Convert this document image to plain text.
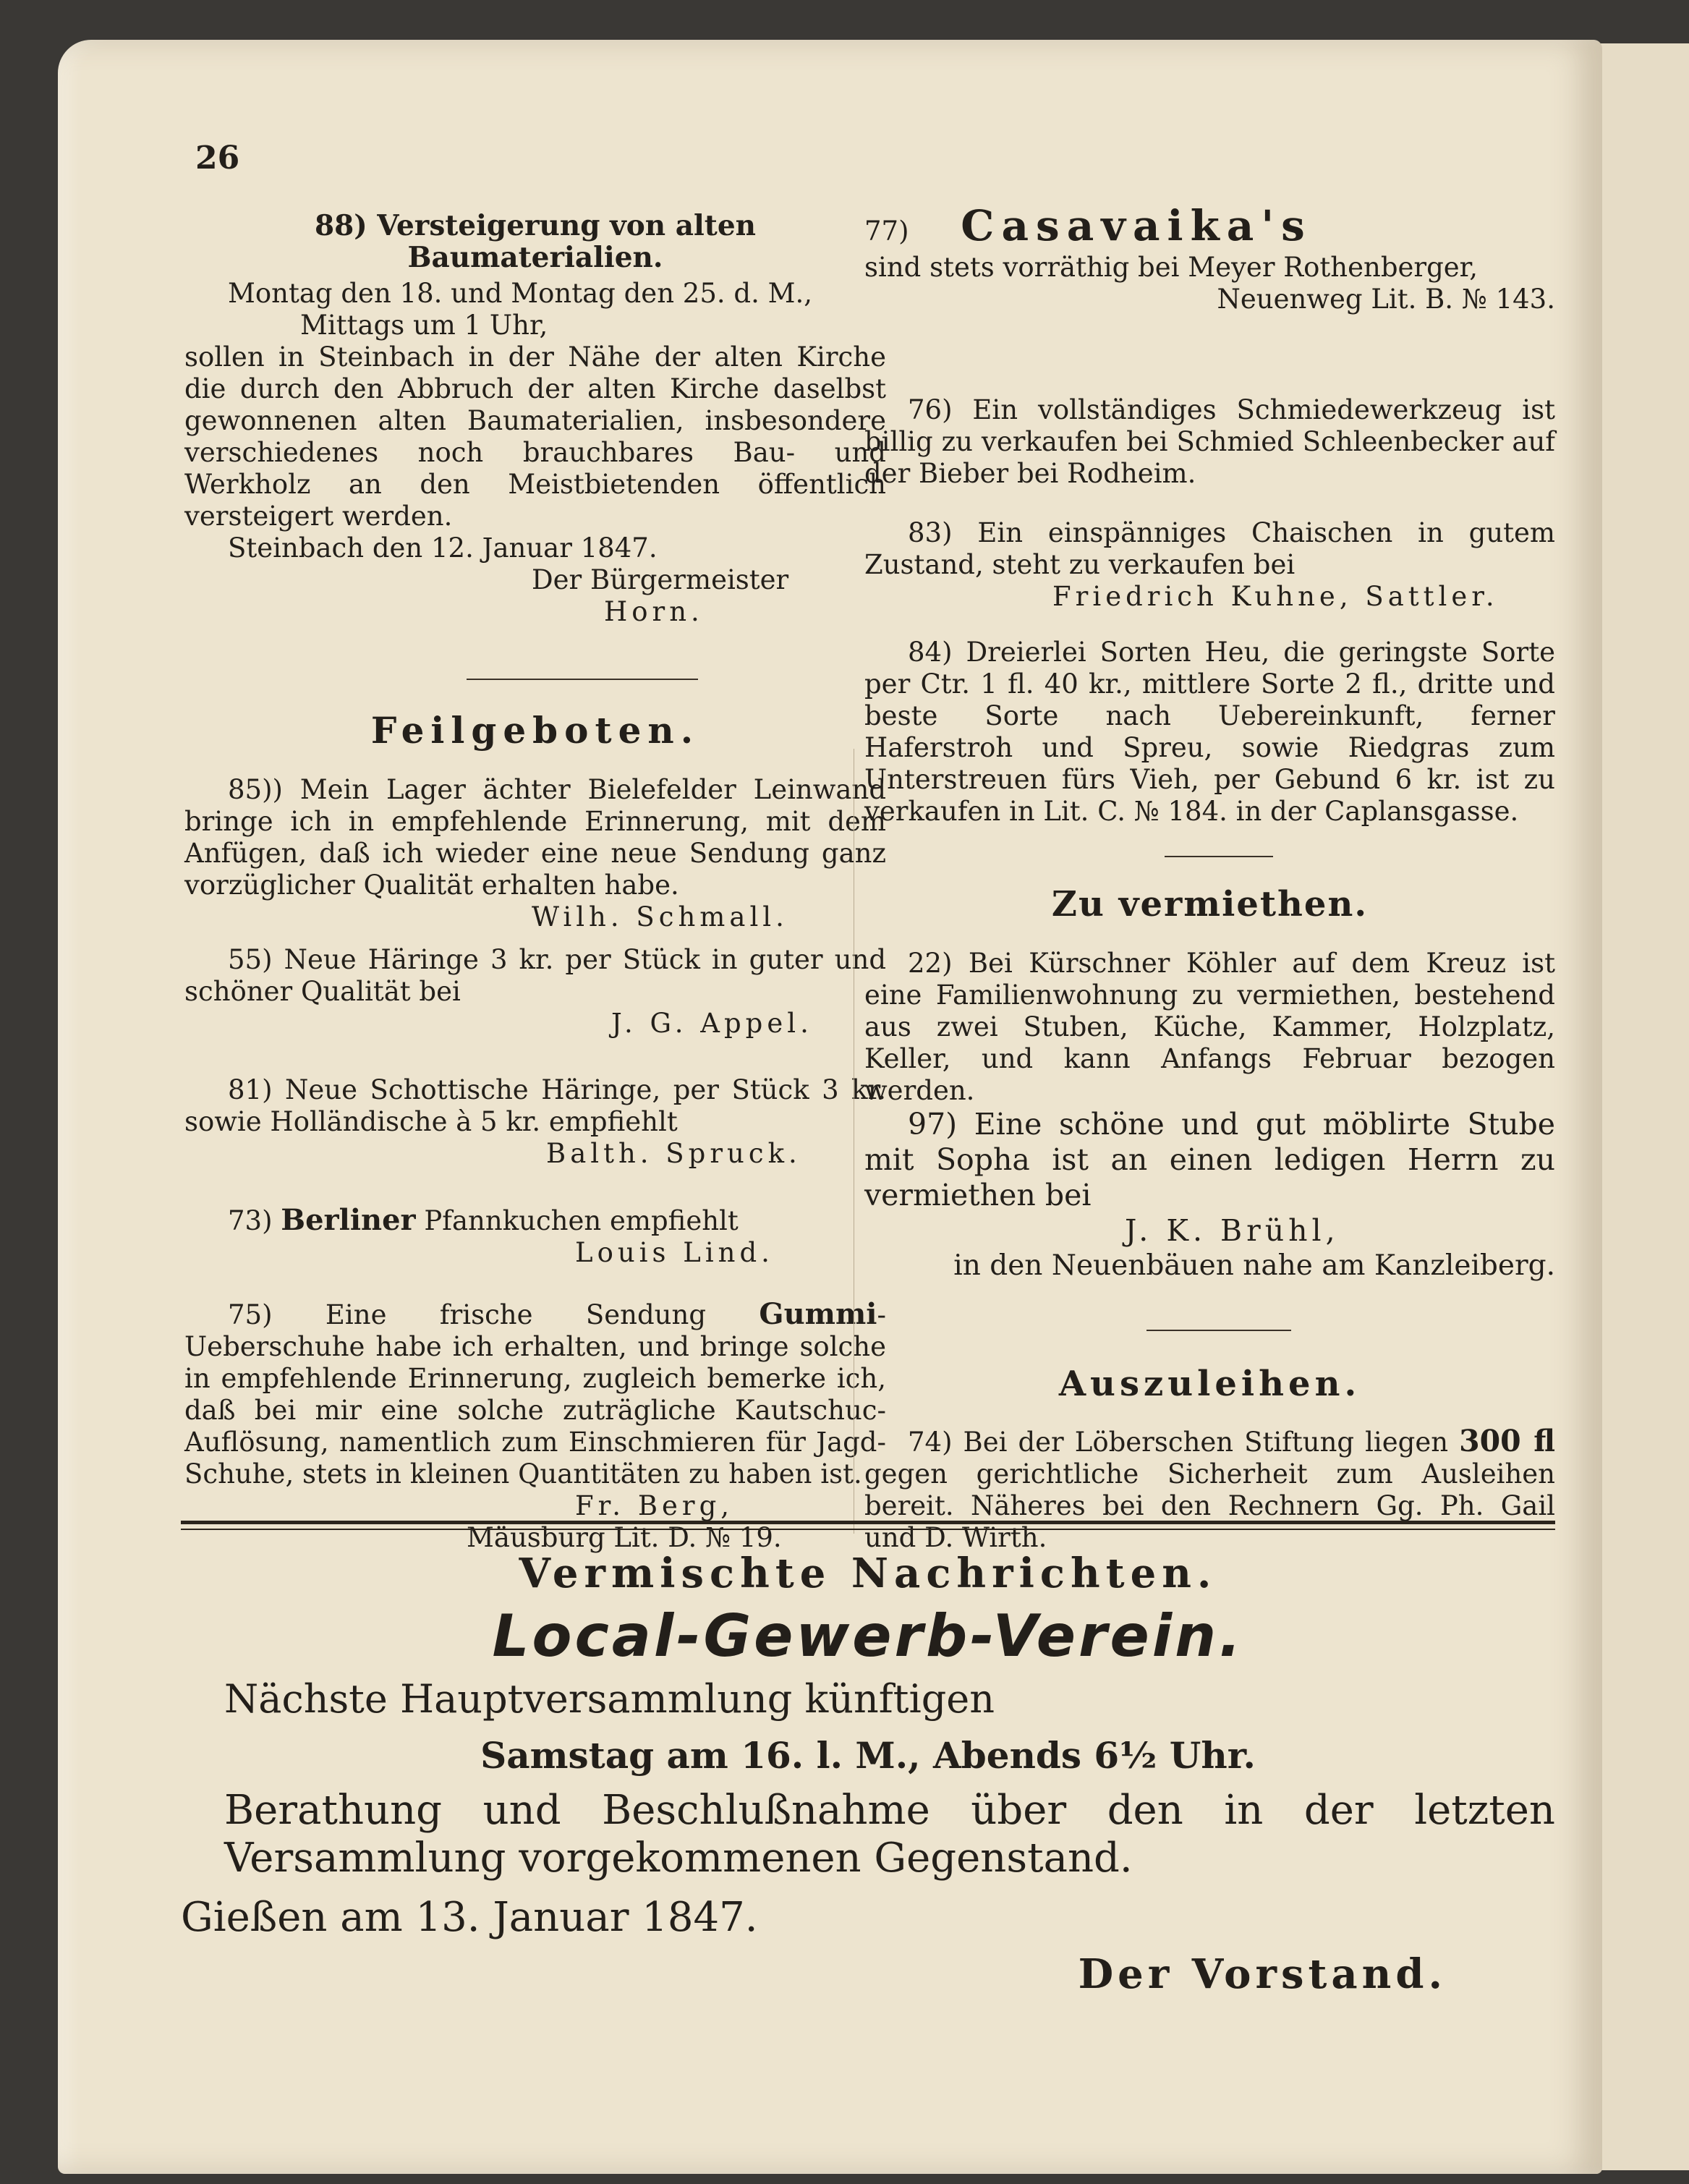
26

88) Versteigerung von alten Baumaterialien.

Montag den 18. und Montag den 25. d. M.,

Mittags um 1 Uhr,

sollen in Steinbach in der Nähe der alten Kirche die durch den Abbruch der alten Kirche daselbst gewonnenen alten Baumaterialien, insbesondere verschiedenes noch brauchbares Bau- und Werkholz an den Meistbietenden öffentlich versteigert werden.

Steinbach den 12. Januar 1847.

Der Bürgermeister

Horn.

Feilgeboten.

85)) Mein Lager ächter Bielefelder Leinwand bringe ich in empfehlende Erinnerung, mit dem Anfügen, daß ich wieder eine neue Sendung ganz vorzüglicher Qualität erhalten habe.

Wilh. Schmall.

55) Neue Häringe 3 kr. per Stück in guter und schöner Qualität bei

J. G. Appel.

81) Neue Schottische Häringe, per Stück 3 kr. sowie Holländische à 5 kr. empfiehlt

Balth. Spruck.

73) Berliner Pfannkuchen empfiehlt

Louis Lind.

75) Eine frische Sendung Gummi-Ueberschuhe habe ich erhalten, und bringe solche in empfehlende Erinnerung, zugleich bemerke ich, daß bei mir eine solche zuträgliche Kautschuc-Auflösung, namentlich zum Einschmieren für Jagd-Schuhe, stets in kleinen Quantitäten zu haben ist.

Fr. Berg,

Mäusburg Lit. D. № 19.

77) Casavaika's

sind stets vorräthig bei Meyer Rothenberger,

Neuenweg Lit. B. № 143.

76) Ein vollständiges Schmiedewerkzeug ist billig zu verkaufen bei Schmied Schleenbecker auf der Bieber bei Rodheim.

83) Ein einspänniges Chaischen in gutem Zustand, steht zu verkaufen bei

Friedrich Kuhne, Sattler.

84) Dreierlei Sorten Heu, die geringste Sorte per Ctr. 1 fl. 40 kr., mittlere Sorte 2 fl., dritte und beste Sorte nach Uebereinkunft, ferner Haferstroh und Spreu, sowie Riedgras zum Unterstreuen fürs Vieh, per Gebund 6 kr. ist zu verkaufen in Lit. C. № 184. in der Caplansgasse.

Zu vermiethen.

22) Bei Kürschner Köhler auf dem Kreuz ist eine Familienwohnung zu vermiethen, bestehend aus zwei Stuben, Küche, Kammer, Holzplatz, Keller, und kann Anfangs Februar bezogen werden.

97) Eine schöne und gut möblirte Stube mit Sopha ist an einen ledigen Herrn zu vermiethen bei

J. K. Brühl,

in den Neuenbäuen nahe am Kanzleiberg.

Auszuleihen.

74) Bei der Löberschen Stiftung liegen 300 fl gegen gerichtliche Sicherheit zum Ausleihen bereit. Näheres bei den Rechnern Gg. Ph. Gail und D. Wirth.

Vermischte Nachrichten.

Local-Gewerb-Verein.

Nächste Hauptversammlung künftigen

Samstag am 16. l. M., Abends 6½ Uhr.

Berathung und Beschlußnahme über den in der letzten Versammlung vorgekommenen Gegenstand.

Gießen am 13. Januar 1847.

Der Vorstand.
